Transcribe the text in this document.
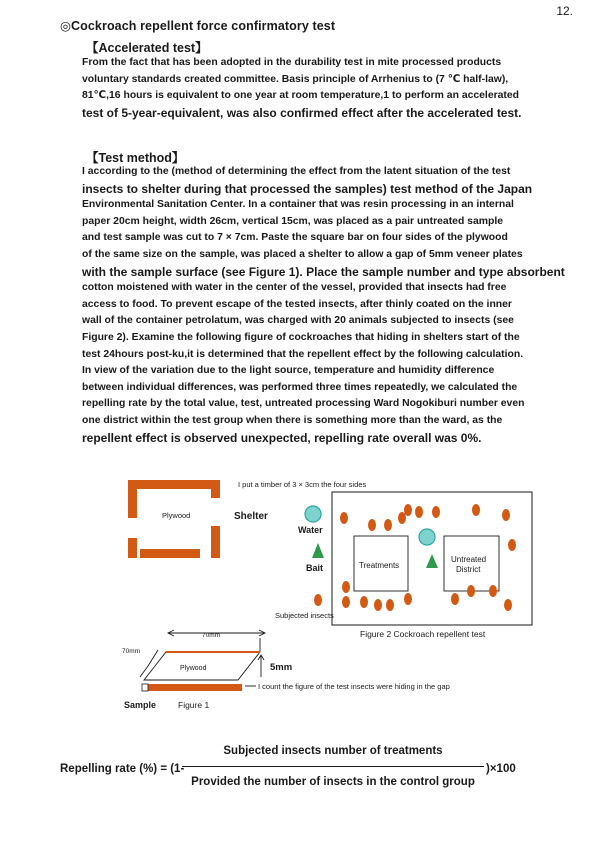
12.
◎Cockroach repellent force confirmatory test
【Accelerated test】
From the fact that has been adopted in the durability test in mite processed products
voluntary standards created committee. Basis principle of Arrhenius to (7 ℃ half-law),
81℃,16 hours is equivalent to one year at room temperature,1 to perform an accelerated
test of 5-year-equivalent, was also confirmed effect after the accelerated test.
【Test method】
I according to the (method of determining the effect from the latent situation of the test
insects to shelter during that processed the samples) test method of the Japan
Environmental Sanitation Center. In a container that was resin processing in an internal
paper 20cm height, width 26cm, vertical 15cm, was placed as a pair untreated sample
and test sample was cut to 7 × 7cm. Paste the square bar on four sides of the plywood
of the same size on the sample, was placed a shelter to allow a gap of 5mm veneer plates
with the sample surface (see Figure 1). Place the sample number and type absorbent
cotton moistened with water in the center of the vessel, provided that insects had free
access to food. To prevent escape of the tested insects, after thinly coated on the inner
wall of the container petrolatum, was charged with 20 animals subjected to insects (see
Figure 2). Examine the following figure of cockroaches that hiding in shelters start of the
test 24hours post-ku,it is determined that the repellent effect by the following calculation.
In view of the variation due to the light source, temperature and humidity difference
between individual differences, was performed three times repeatedly, we calculated the
repelling rate by the total value, test, untreated processing Ward Nogokiburi number even
one district within the test group when there is something more than the ward, as the
repellent effect is observed unexpected, repelling rate overall was 0%.
Plywood	Shelter
I put a timber of 3 × 3cm the four sides
Water
Bait
Subjected insects
Treatments
Untreated
District
Figure 2 Cockroach repellent test
70mm
70mm
Plywood	5mm
I count the figure of the test insects were hiding in the gap
Sample	Figure 1
Repelling rate (%) = (1-
Subjected insects number of treatments
Provided the number of insects in the control group
)×100
